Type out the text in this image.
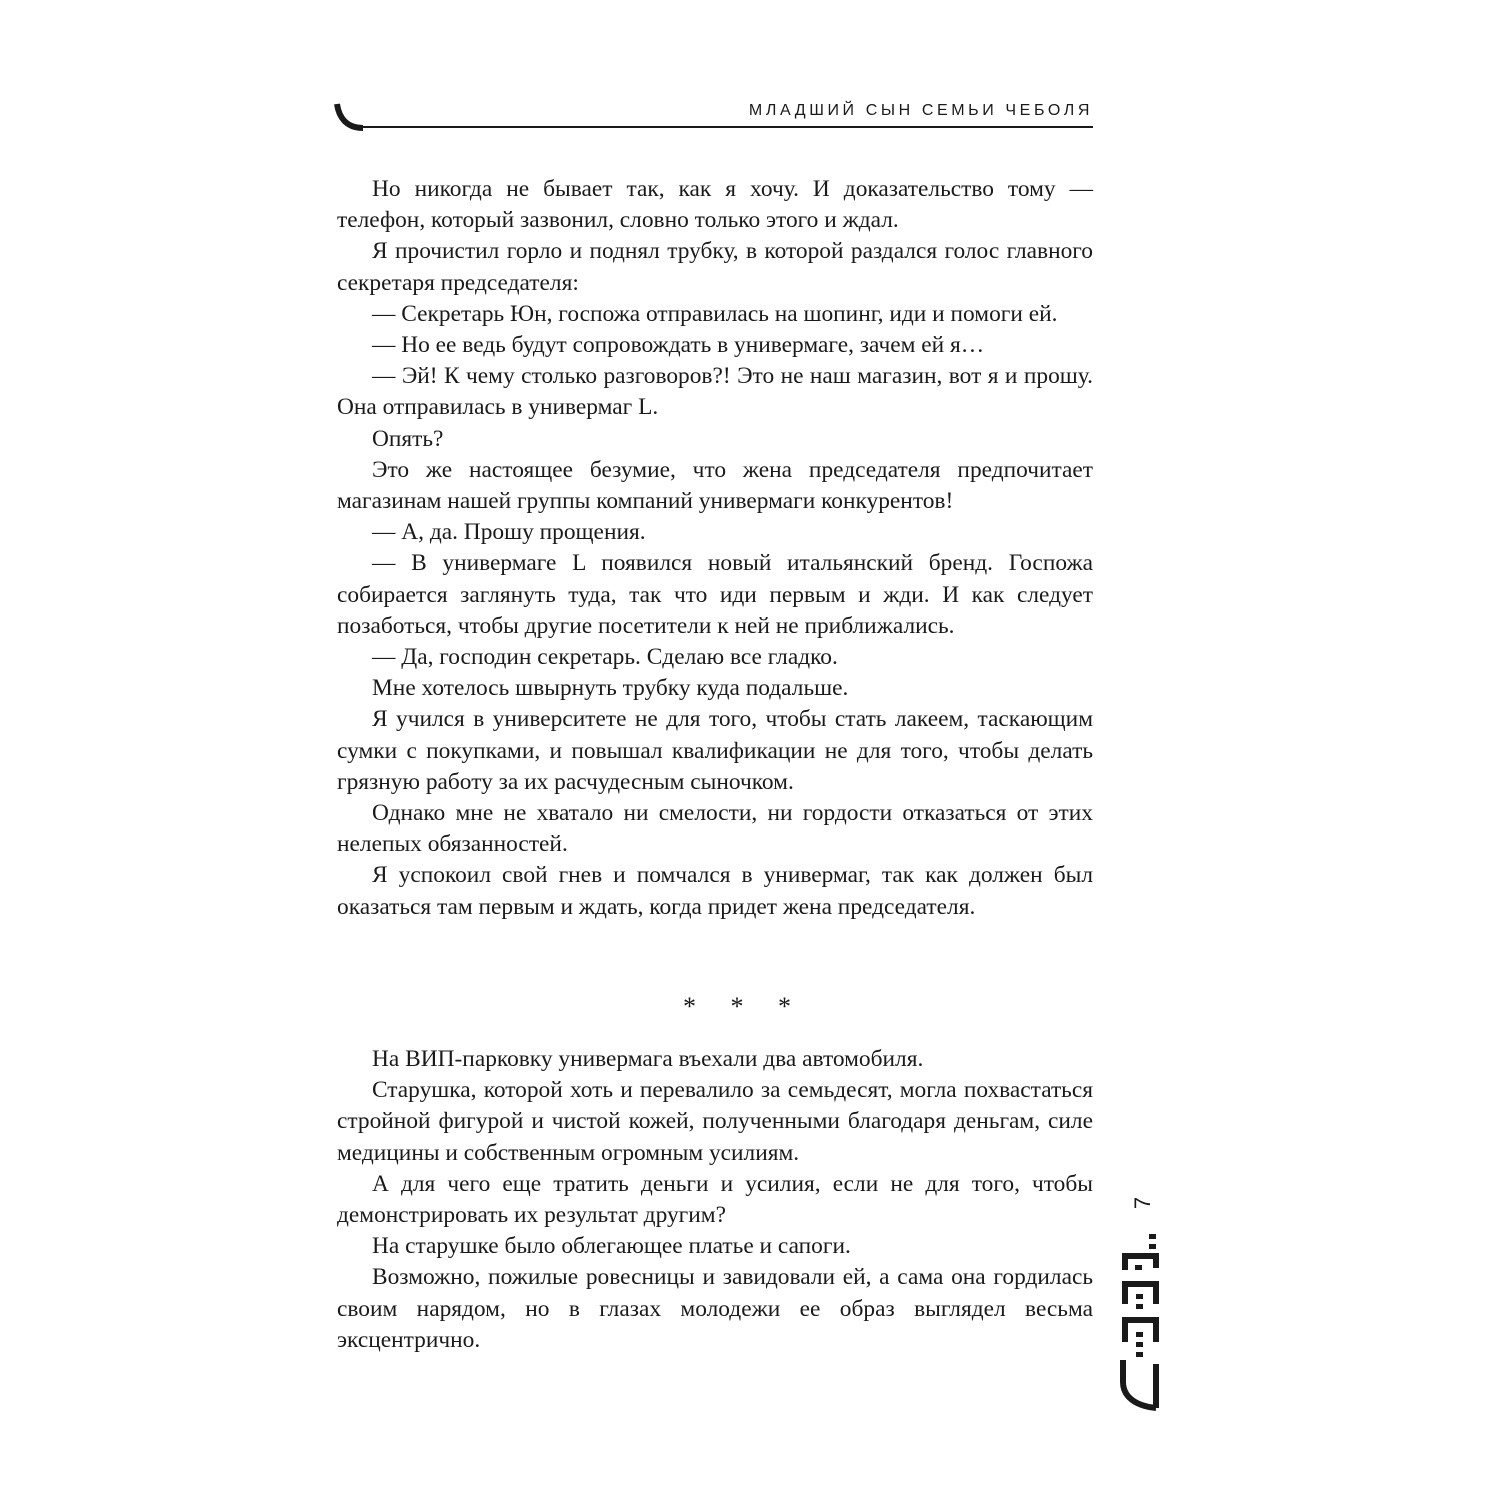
МЛАДШИЙ СЫН СЕМЬИ ЧЕБОЛЯ

Но никогда не бывает так, как я хочу. И доказательство тому — телефон, который зазвонил, словно только этого и ждал.

Я прочистил горло и поднял трубку, в которой раздался голос главного секретаря председателя:

— Секретарь Юн, госпожа отправилась на шопинг, иди и помоги ей.

— Но ее ведь будут сопровождать в универмаге, зачем ей я…

— Эй! К чему столько разговоров?! Это не наш магазин, вот я и прошу. Она отправилась в универмаг L.

Опять?

Это же настоящее безумие, что жена председателя предпочитает магазинам нашей группы компаний универмаги конкурентов!

— А, да. Прошу прощения.

— В универмаге L появился новый итальянский бренд. Госпожа собирается заглянуть туда, так что иди первым и жди. И как следует позаботься, чтобы другие посетители к ней не приближались.

— Да, господин секретарь. Сделаю все гладко.

Мне хотелось швырнуть трубку куда подальше.

Я учился в университете не для того, чтобы стать лакеем, таскающим сумки с покупками, и повышал квалификации не для того, чтобы делать грязную работу за их расчудесным сыночком.

Однако мне не хватало ни смелости, ни гордости отказаться от этих нелепых обязанностей.

Я успокоил свой гнев и помчался в универмаг, так как должен был оказаться там первым и ждать, когда придет жена председателя.

* * *

На ВИП-парковку универмага въехали два автомобиля.

Старушка, которой хоть и перевалило за семьдесят, могла похвастаться стройной фигурой и чистой кожей, полученными благодаря деньгам, силе медицины и собственным огромным усилиям.

А для чего еще тратить деньги и усилия, если не для того, чтобы демонстрировать их результат другим?

На старушке было облегающее платье и сапоги.

Возможно, пожилые ровесницы и завидовали ей, а сама она гордилась своим нарядом, но в глазах молодежи ее образ выглядел весьма эксцентрично.

7
